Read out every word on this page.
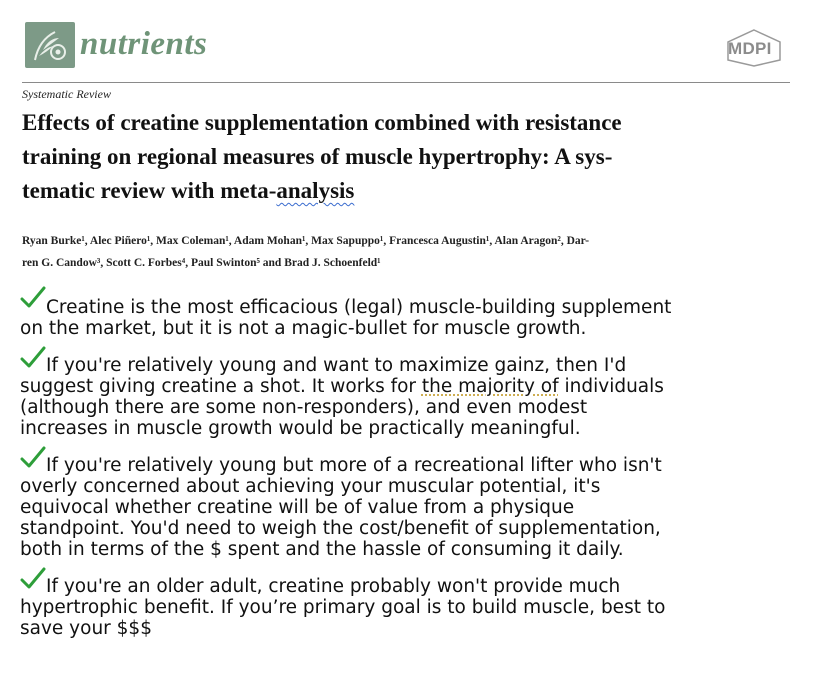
nutrients	MDPI
Systematic Review
Effects of creatine supplementation combined with resistance
training on regional measures of muscle hypertrophy: A sys-
tematic review with meta-analysis
Ryan Burke¹, Alec Piñero¹, Max Coleman¹, Adam Mohan¹, Max Sapuppo¹, Francesca Augustin¹, Alan Aragon², Dar-
ren G. Candow³, Scott C. Forbes⁴, Paul Swinton⁵ and Brad J. Schoenfeld¹
Creatine is the most efficacious (legal) muscle-building supplement
on the market, but it is not a magic-bullet for muscle growth.
If you're relatively young and want to maximize gainz, then I'd
suggest giving creatine a shot. It works for the majority of individuals
(although there are some non-responders), and even modest
increases in muscle growth would be practically meaningful.
If you're relatively young but more of a recreational lifter who isn't
overly concerned about achieving your muscular potential, it's
equivocal whether creatine will be of value from a physique
standpoint. You'd need to weigh the cost/benefit of supplementation,
both in terms of the $ spent and the hassle of consuming it daily.
If you're an older adult, creatine probably won't provide much
hypertrophic benefit. If you’re primary goal is to build muscle, best to
save your $$$
